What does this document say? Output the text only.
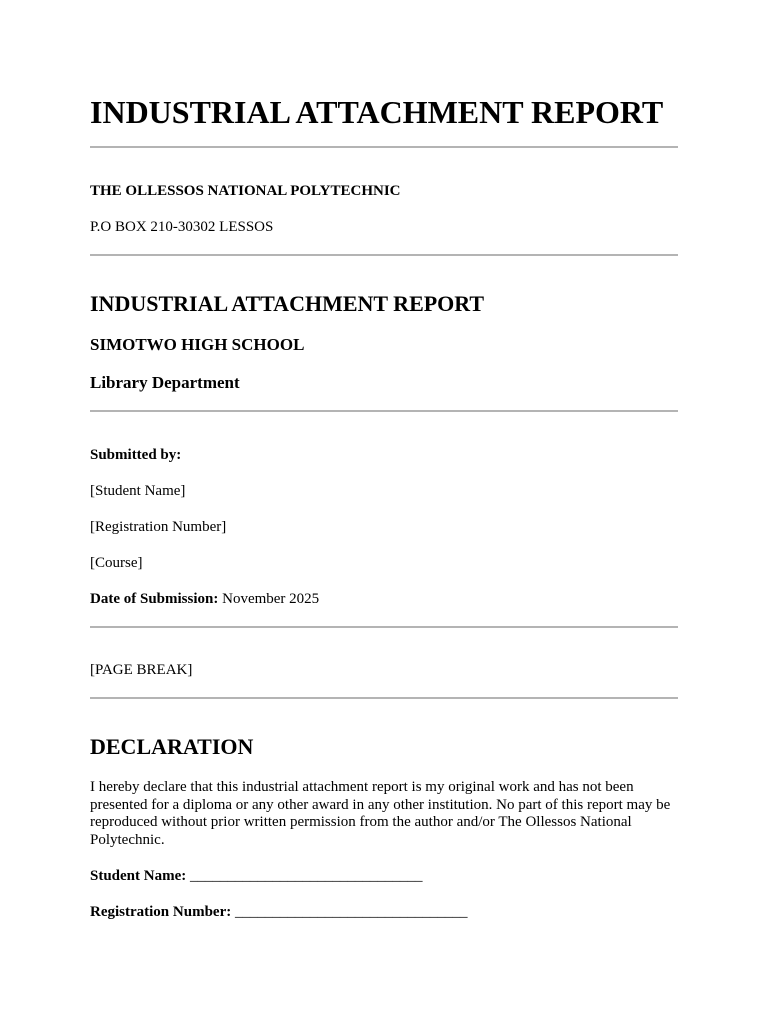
INDUSTRIAL ATTACHMENT REPORT

THE OLLESSOS NATIONAL POLYTECHNIC

P.O BOX 210-30302 LESSOS

INDUSTRIAL ATTACHMENT REPORT

SIMOTWO HIGH SCHOOL

Library Department

Submitted by:

[Student Name]

[Registration Number]

[Course]

Date of Submission: November 2025

[PAGE BREAK]

DECLARATION

I hereby declare that this industrial attachment report is my original work and has not been presented for a diploma or any other award in any other institution. No part of this report may be reproduced without prior written permission from the author and/or The Ollessos National Polytechnic.

Student Name: _______________________________

Registration Number: _______________________________
